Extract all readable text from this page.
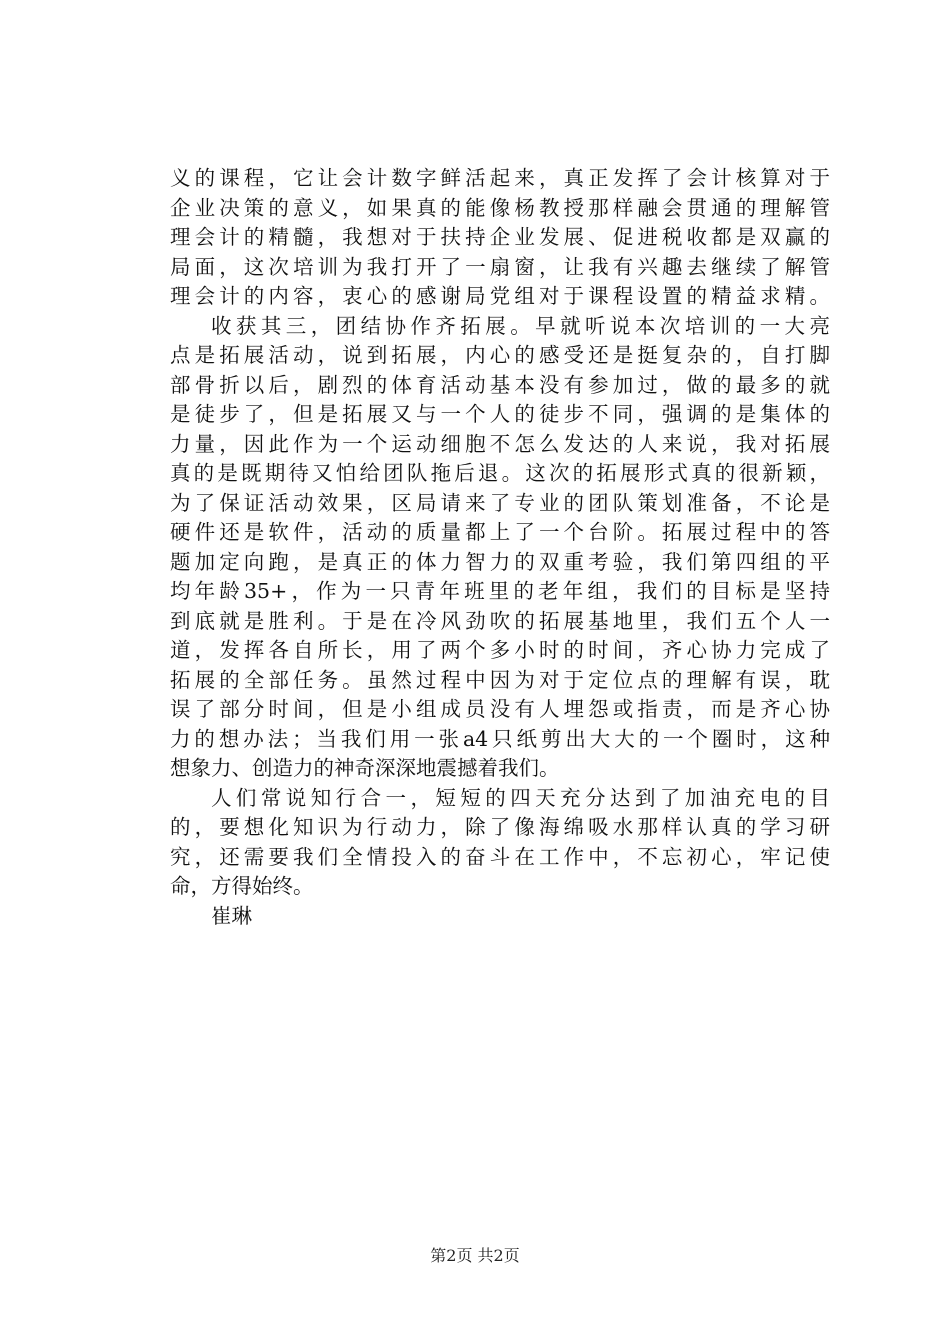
义的课程，它让会计数字鲜活起来，真正发挥了会计核算对于
企业决策的意义，如果真的能像杨教授那样融会贯通的理解管
理会计的精髓，我想对于扶持企业发展、促进税收都是双赢的
局面，这次培训为我打开了一扇窗，让我有兴趣去继续了解管
理会计的内容，衷心的感谢局党组对于课程设置的精益求精。
收获其三，团结协作齐拓展。早就听说本次培训的一大亮
点是拓展活动，说到拓展，内心的感受还是挺复杂的，自打脚
部骨折以后，剧烈的体育活动基本没有参加过，做的最多的就
是徒步了，但是拓展又与一个人的徒步不同，强调的是集体的
力量，因此作为一个运动细胞不怎么发达的人来说，我对拓展
真的是既期待又怕给团队拖后退。这次的拓展形式真的很新颖，
为了保证活动效果，区局请来了专业的团队策划准备，不论是
硬件还是软件，活动的质量都上了一个台阶。拓展过程中的答
题加定向跑，是真正的体力智力的双重考验，我们第四组的平
均年龄35+，作为一只青年班里的老年组，我们的目标是坚持
到底就是胜利。于是在冷风劲吹的拓展基地里，我们五个人一
道，发挥各自所长，用了两个多小时的时间，齐心协力完成了
拓展的全部任务。虽然过程中因为对于定位点的理解有误，耽
误了部分时间，但是小组成员没有人埋怨或指责，而是齐心协
力的想办法；当我们用一张a4只纸剪出大大的一个圈时，这种
想象力、创造力的神奇深深地震撼着我们。
人们常说知行合一，短短的四天充分达到了加油充电的目
的，要想化知识为行动力，除了像海绵吸水那样认真的学习研
究，还需要我们全情投入的奋斗在工作中，不忘初心，牢记使
命，方得始终。
崔琳
第2页 共2页
